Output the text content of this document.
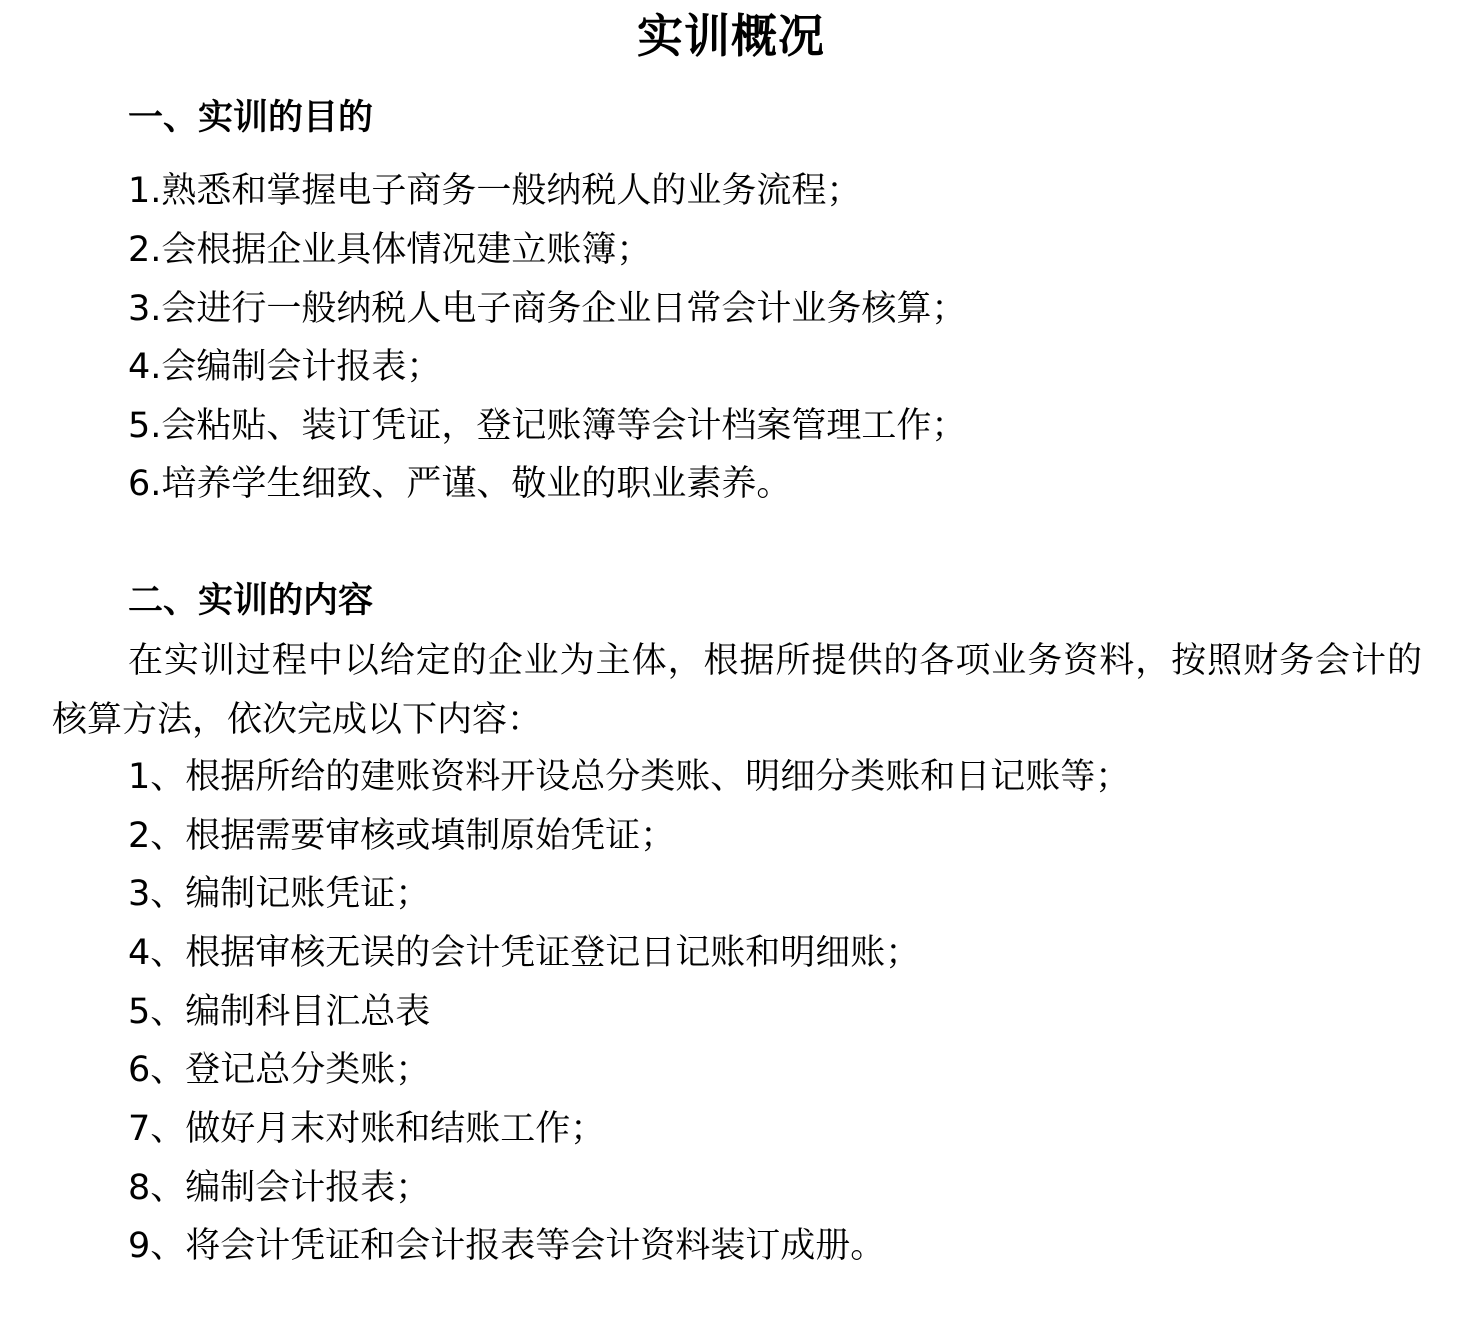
实训概况
一、实训的目的
1.熟悉和掌握电子商务一般纳税人的业务流程；
2.会根据企业具体情况建立账簿；
3.会进行一般纳税人电子商务企业日常会计业务核算；
4.会编制会计报表；
5.会粘贴、装订凭证，登记账簿等会计档案管理工作；
6.培养学生细致、严谨、敬业的职业素养。
二、实训的内容
在实训过程中以给定的企业为主体，根据所提供的各项业务资料，按照财务会计的核算方法，依次完成以下内容：
1、根据所给的建账资料开设总分类账、明细分类账和日记账等；
2、根据需要审核或填制原始凭证；
3、编制记账凭证；
4、根据审核无误的会计凭证登记日记账和明细账；
5、编制科目汇总表
6、登记总分类账；
7、做好月末对账和结账工作；
8、编制会计报表；
9、将会计凭证和会计报表等会计资料装订成册。
